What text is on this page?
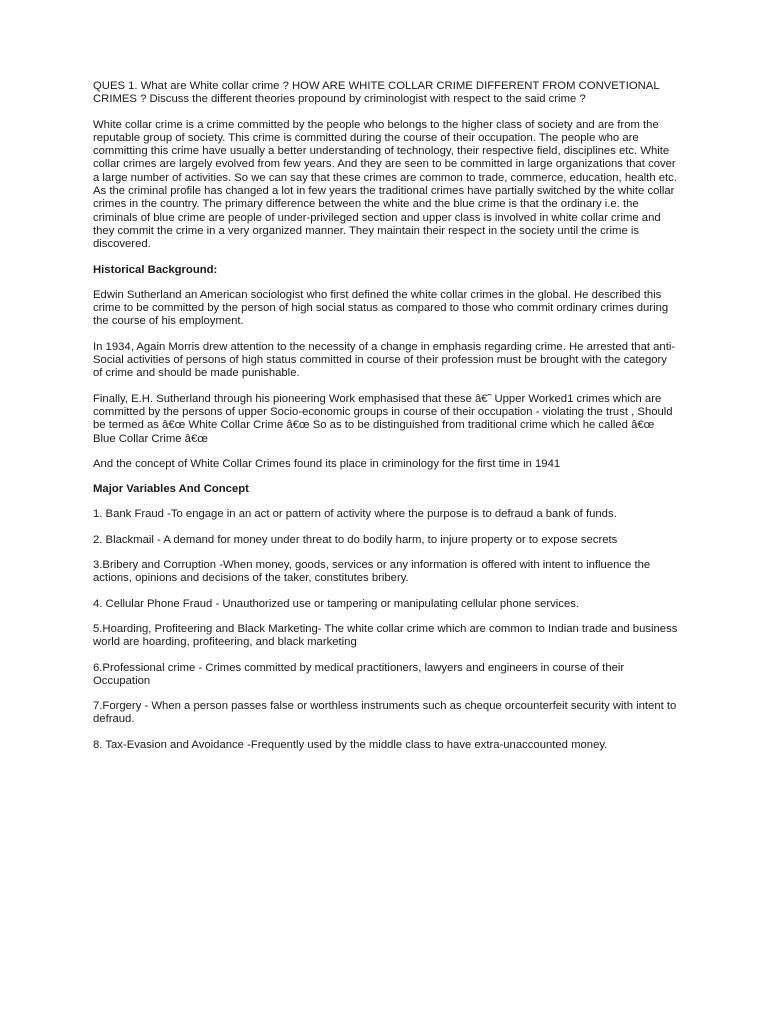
QUES 1. What are White collar crime ? HOW ARE WHITE COLLAR CRIME DIFFERENT FROM CONVETIONAL CRIMES ? Discuss the different theories propound by criminologist with respect to the said crime ?

White collar crime is a crime committed by the people who belongs to the higher class of society and are from the reputable group of society. This crime is committed during the course of their occupation. The people who are committing this crime have usually a better understanding of technology, their respective field, disciplines etc. White collar crimes are largely evolved from few years. And they are seen to be committed in large organizations that cover a large number of activities. So we can say that these crimes are common to trade, commerce, education, health etc. As the criminal profile has changed a lot in few years the traditional crimes have partially switched by the white collar crimes in the country. The primary difference between the white and the blue crime is that the ordinary i.e. the criminals of blue crime are people of under-privileged section and upper class is involved in white collar crime and they commit the crime in a very organized manner. They maintain their respect in the society until the crime is discovered.

Historical Background:

Edwin Sutherland an American sociologist who first defined the white collar crimes in the global. He described this crime to be committed by the person of high social status as compared to those who commit ordinary crimes during the course of his employment.

In 1934, Again Morris drew attention to the necessity of a change in emphasis regarding crime. He arrested that anti-Social activities of persons of high status committed in course of their profession must be brought with the category of crime and should be made punishable.

Finally, E.H. Sutherland through his pioneering Work emphasised that these â€˜ Upper Worked1 crimes which are committed by the persons of upper Socio-economic groups in course of their occupation - violating the trust , Should be termed as â€œ White Collar Crime â€œ So as to be distinguished from traditional crime which he called â€œ Blue Collar Crime â€œ

And the concept of White Collar Crimes found its place in criminology for the first time in 1941

Major Variables And Concept

1. Bank Fraud -To engage in an act or pattern of activity where the purpose is to defraud a bank of funds.

2. Blackmail - A demand for money under threat to do bodily harm, to injure property or to expose secrets

3.Bribery and Corruption -When money, goods, services or any information is offered with intent to influence the actions, opinions and decisions of the taker, constitutes bribery.

4. Cellular Phone Fraud - Unauthorized use or tampering or manipulating cellular phone services.

5.Hoarding, Profiteering and Black Marketing- The white collar crime which are common to Indian trade and business world are hoarding, profiteering, and black marketing

6.Professional crime - Crimes committed by medical practitioners, lawyers and engineers in course of their Occupation

7.Forgery - When a person passes false or worthless instruments such as cheque orcounterfeit security with intent to defraud.

8. Tax-Evasion and Avoidance -Frequently used by the middle class to have extra-unaccounted money.
